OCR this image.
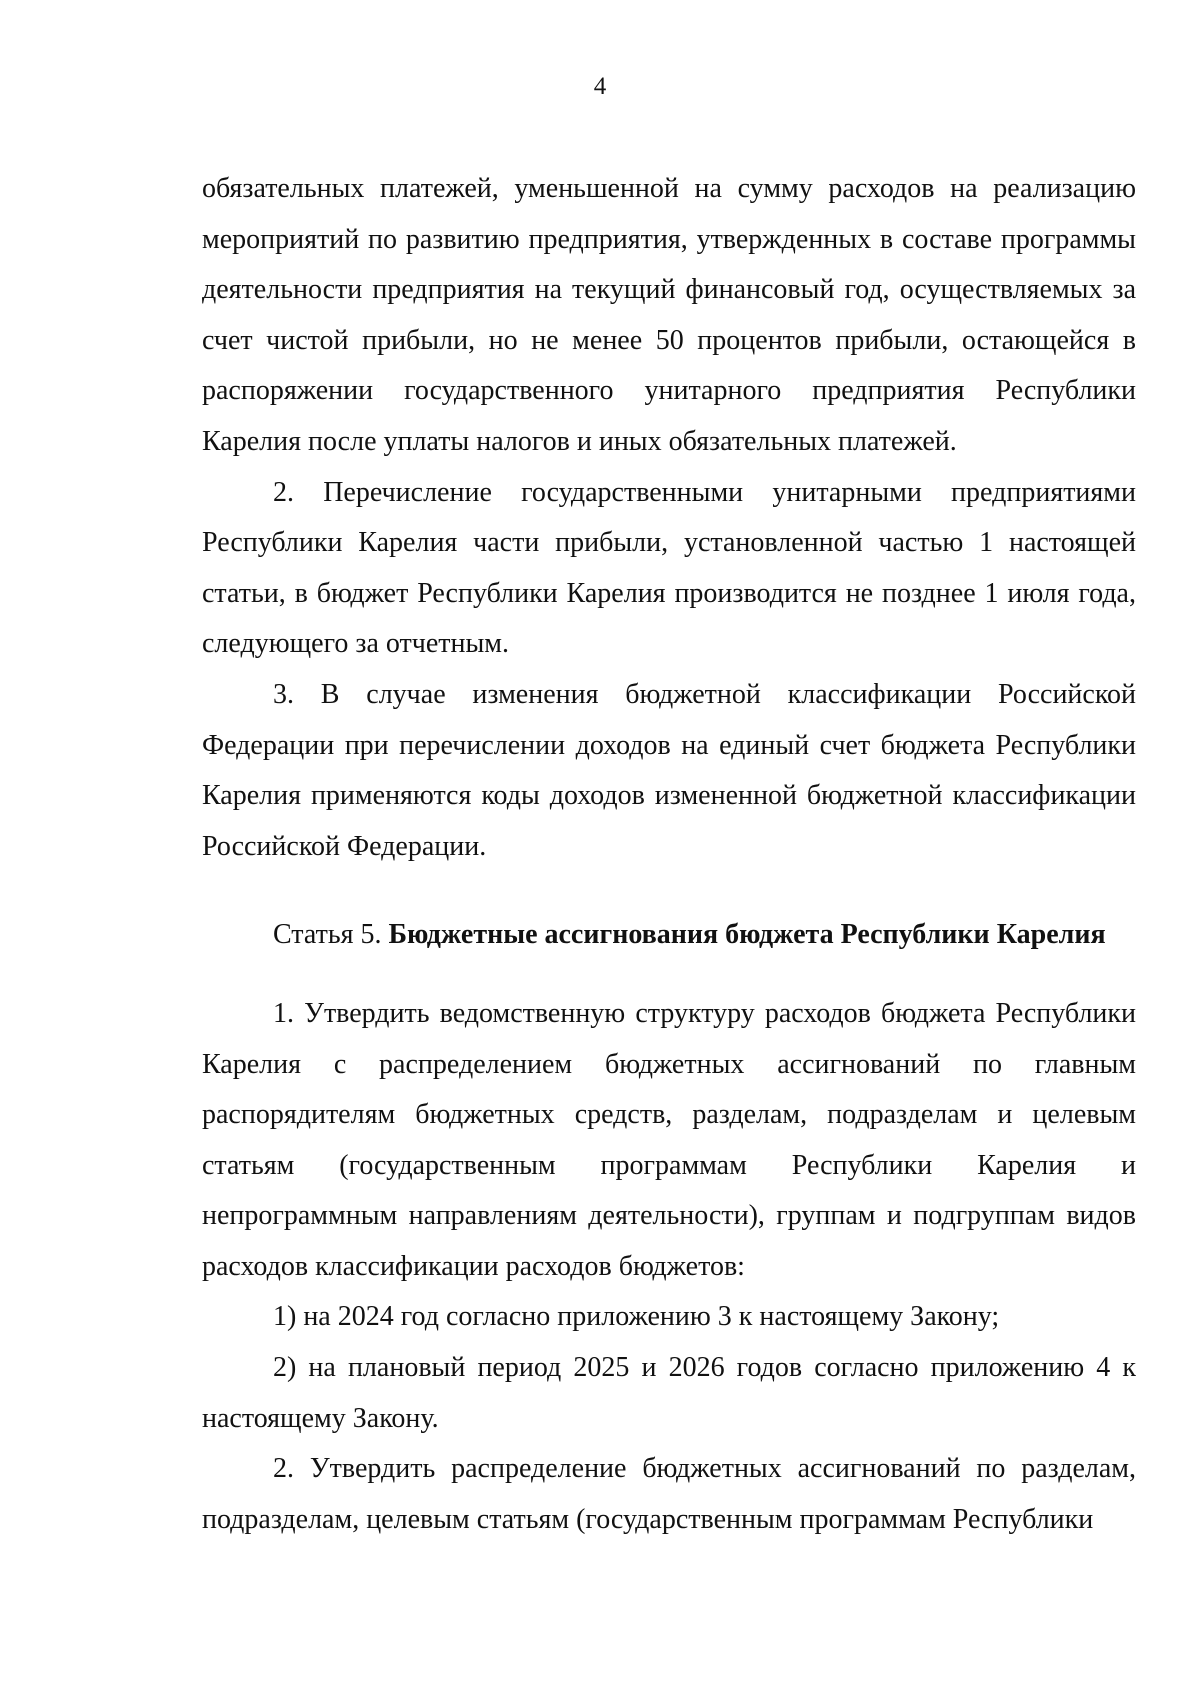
4

обязательных платежей, уменьшенной на сумму расходов на реализацию мероприятий по развитию предприятия, утвержденных в составе программы деятельности предприятия на текущий финансовый год, осуществляемых за счет чистой прибыли, но не менее 50 процентов прибыли, остающейся в распоряжении государственного унитарного предприятия Республики Карелия после уплаты налогов и иных обязательных платежей.

2. Перечисление государственными унитарными предприятиями Республики Карелия части прибыли, установленной частью 1 настоящей статьи, в бюджет Республики Карелия производится не позднее 1 июля года, следующего за отчетным.

3. В случае изменения бюджетной классификации Российской Федерации при перечислении доходов на единый счет бюджета Республики Карелия применяются коды доходов измененной бюджетной классификации Российской Федерации.

Статья 5. Бюджетные ассигнования бюджета Республики Карелия

1. Утвердить ведомственную структуру расходов бюджета Республики Карелия с распределением бюджетных ассигнований по главным распорядителям бюджетных средств, разделам, подразделам и целевым статьям (государственным программам Республики Карелия и непрограммным направлениям деятельности), группам и подгруппам видов расходов классификации расходов бюджетов:

1) на 2024 год согласно приложению 3 к настоящему Закону;

2) на плановый период 2025 и 2026 годов согласно приложению 4 к настоящему Закону.

2. Утвердить распределение бюджетных ассигнований по разделам, подразделам, целевым статьям (государственным программам Республики
